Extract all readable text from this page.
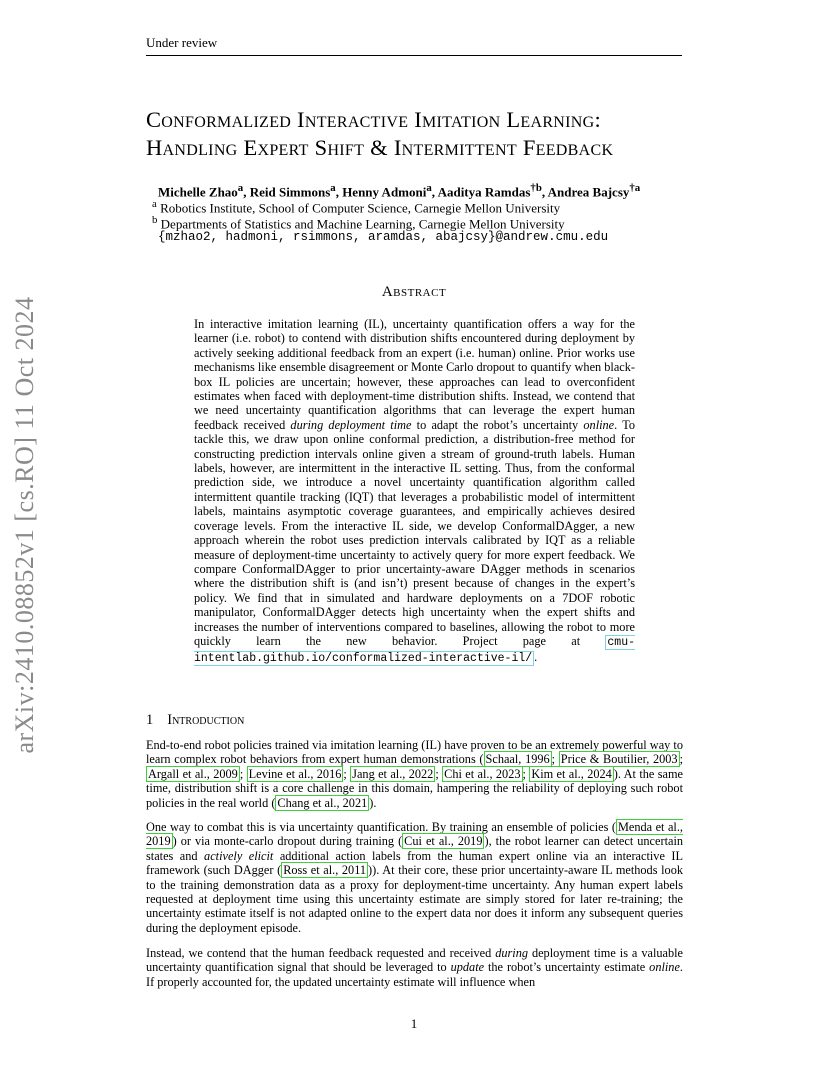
Under review
arXiv:2410.08852v1 [cs.RO] 11 Oct 2024
Conformalized Interactive Imitation Learning:
Handling Expert Shift & Intermittent Feedback
Michelle Zhao$^a$, Reid Simmons$^a$, Henny Admoni$^a$, Aaditya Ramdas$^{\dagger b}$, Andrea Bajcsy$^{\dagger a}$
$^a$ Robotics Institute, School of Computer Science, Carnegie Mellon University
$^b$ Departments of Statistics and Machine Learning, Carnegie Mellon University
{mzhao2, hadmoni, rsimmons, aramdas, abajcsy}@andrew.cmu.edu
Abstract

In interactive imitation learning (IL), uncertainty quantification offers a way for the learner (i.e. robot) to contend with distribution shifts encountered during deployment by actively seeking additional feedback from an expert (i.e. human) online. Prior works use mechanisms like ensemble disagreement or Monte Carlo dropout to quantify when black-box IL policies are uncertain; however, these approaches can lead to overconfident estimates when faced with deployment-time distribution shifts. Instead, we contend that we need uncertainty quantification algorithms that can leverage the expert human feedback received during deployment time to adapt the robot’s uncertainty online. To tackle this, we draw upon online conformal prediction, a distribution-free method for constructing prediction intervals online given a stream of ground-truth labels. Human labels, however, are intermittent in the interactive IL setting. Thus, from the conformal prediction side, we introduce a novel uncertainty quantification algorithm called intermittent quantile tracking (IQT) that leverages a probabilistic model of intermittent labels, maintains asymptotic coverage guarantees, and empirically achieves desired coverage levels. From the interactive IL side, we develop ConformalDAgger, a new approach wherein the robot uses prediction intervals calibrated by IQT as a reliable measure of deployment-time uncertainty to actively query for more expert feedback. We compare ConformalDAgger to prior uncertainty-aware DAgger methods in scenarios where the distribution shift is (and isn’t) present because of changes in the expert’s policy. We find that in simulated and hardware deployments on a 7DOF robotic manipulator, ConformalDAgger detects high uncertainty when the expert shifts and increases the number of interventions compared to baselines, allowing the robot to more quickly learn the new behavior. Project page at cmu-intentlab.github.io/conformalized-interactive-il/ .

1 Introduction

End-to-end robot policies trained via imitation learning (IL) have proven to be an extremely powerful way to learn complex robot behaviors from expert human demonstrations ( Schaal, 1996 ; Price & Boutilier, 2003 ; Argall et al., 2009 ; Levine et al., 2016 ; Jang et al., 2022 ; Chi et al., 2023 ; Kim et al., 2024 ). At the same time, distribution shift is a core challenge in this domain, hampering the reliability of deploying such robot policies in the real world ( Chang et al., 2021 ).

One way to combat this is via uncertainty quantification. By training an ensemble of policies ( Menda et al., 2019 ) or via monte-carlo dropout during training ( Cui et al., 2019 ), the robot learner can detect uncertain states and actively elicit additional action labels from the human expert online via an interactive IL framework (such DAgger ( Ross et al., 2011 )). At their core, these prior uncertainty-aware IL methods look to the training demonstration data as a proxy for deployment-time uncertainty. Any human expert labels requested at deployment time using this uncertainty estimate are simply stored for later re-training; the uncertainty estimate itself is not adapted online to the expert data nor does it inform any subsequent queries during the deployment episode.

Instead, we contend that the human feedback requested and received during deployment time is a valuable uncertainty quantification signal that should be leveraged to update the robot’s uncertainty estimate online. If properly accounted for, the updated uncertainty estimate will influence when

1
